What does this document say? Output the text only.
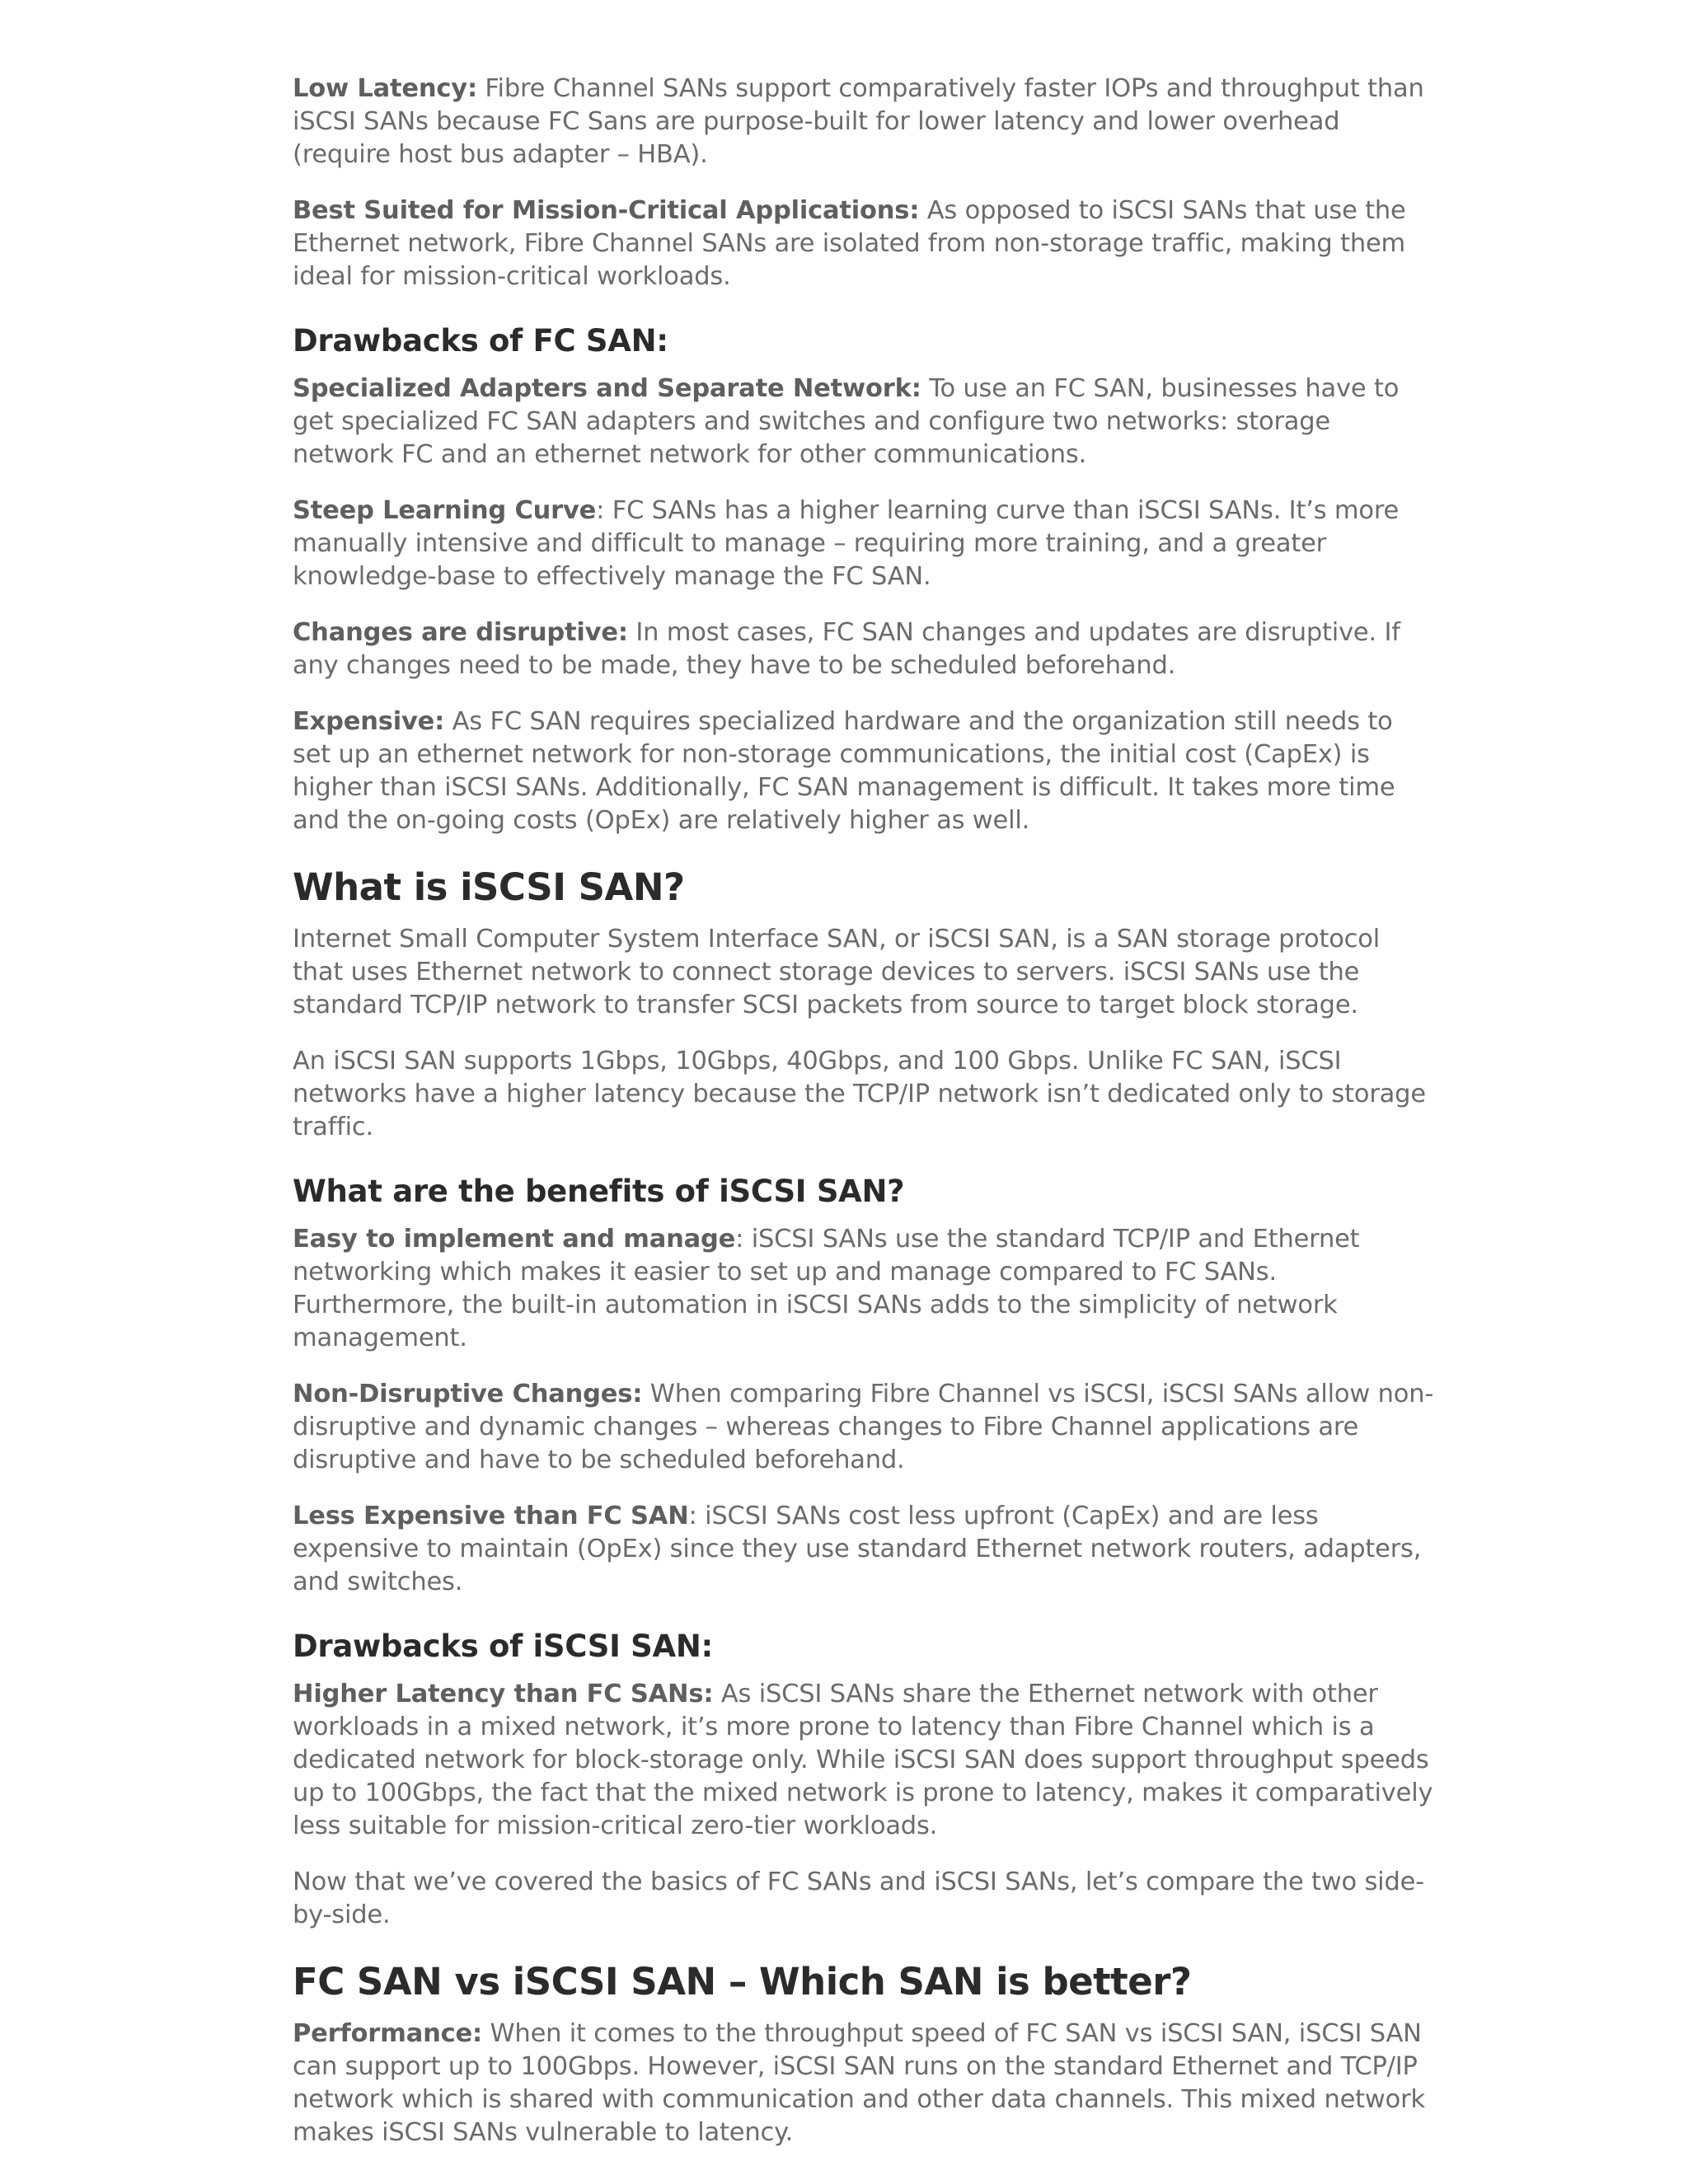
Low Latency: Fibre Channel SANs support comparatively faster IOPs and throughput than iSCSI SANs because FC Sans are purpose-built for lower latency and lower overhead (require host bus adapter – HBA).

Best Suited for Mission-Critical Applications: As opposed to iSCSI SANs that use the Ethernet network, Fibre Channel SANs are isolated from non-storage traffic, making them ideal for mission-critical workloads.

Drawbacks of FC SAN:

Specialized Adapters and Separate Network: To use an FC SAN, businesses have to get specialized FC SAN adapters and switches and configure two networks: storage network FC and an ethernet network for other communications.

Steep Learning Curve: FC SANs has a higher learning curve than iSCSI SANs. It’s more manually intensive and difficult to manage – requiring more training, and a greater knowledge-base to effectively manage the FC SAN.

Changes are disruptive: In most cases, FC SAN changes and updates are disruptive. If any changes need to be made, they have to be scheduled beforehand.

Expensive: As FC SAN requires specialized hardware and the organization still needs to set up an ethernet network for non-storage communications, the initial cost (CapEx) is higher than iSCSI SANs. Additionally, FC SAN management is difficult. It takes more time and the on-going costs (OpEx) are relatively higher as well.

What is iSCSI SAN?

Internet Small Computer System Interface SAN, or iSCSI SAN, is a SAN storage protocol that uses Ethernet network to connect storage devices to servers. iSCSI SANs use the standard TCP/IP network to transfer SCSI packets from source to target block storage.

An iSCSI SAN supports 1Gbps, 10Gbps, 40Gbps, and 100 Gbps. Unlike FC SAN, iSCSI networks have a higher latency because the TCP/IP network isn’t dedicated only to storage traffic.

What are the benefits of iSCSI SAN?

Easy to implement and manage: iSCSI SANs use the standard TCP/IP and Ethernet networking which makes it easier to set up and manage compared to FC SANs. Furthermore, the built-in automation in iSCSI SANs adds to the simplicity of network management.

Non-Disruptive Changes: When comparing Fibre Channel vs iSCSI, iSCSI SANs allow non-disruptive and dynamic changes – whereas changes to Fibre Channel applications are disruptive and have to be scheduled beforehand.

Less Expensive than FC SAN: iSCSI SANs cost less upfront (CapEx) and are less expensive to maintain (OpEx) since they use standard Ethernet network routers, adapters, and switches.

Drawbacks of iSCSI SAN:

Higher Latency than FC SANs: As iSCSI SANs share the Ethernet network with other workloads in a mixed network, it’s more prone to latency than Fibre Channel which is a dedicated network for block-storage only. While iSCSI SAN does support throughput speeds up to 100Gbps, the fact that the mixed network is prone to latency, makes it comparatively less suitable for mission-critical zero-tier workloads.

Now that we’ve covered the basics of FC SANs and iSCSI SANs, let’s compare the two side-by-side.

FC SAN vs iSCSI SAN – Which SAN is better?

Performance: When it comes to the throughput speed of FC SAN vs iSCSI SAN, iSCSI SAN can support up to 100Gbps. However, iSCSI SAN runs on the standard Ethernet and TCP/IP network which is shared with communication and other data channels. This mixed network makes iSCSI SANs vulnerable to latency.
